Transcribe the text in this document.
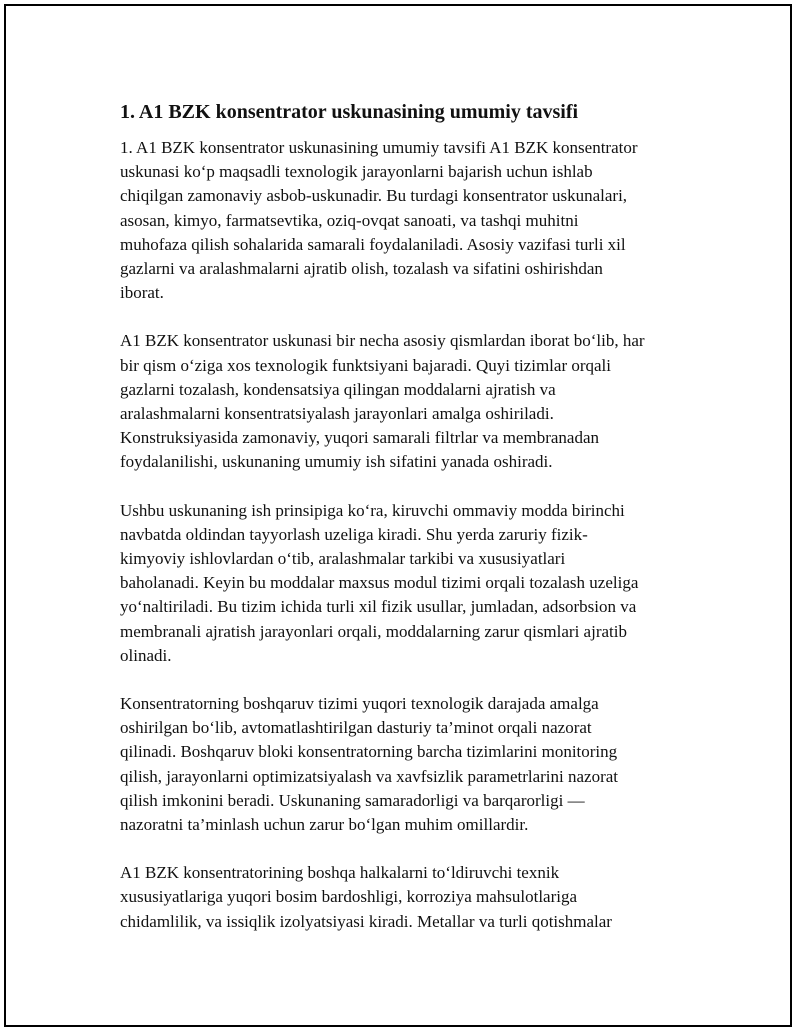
1. A1 BZK konsentrator uskunasining umumiy tavsifi

1. A1 BZK konsentrator uskunasining umumiy tavsifi A1 BZK konsentrator
uskunasi ko‘p maqsadli texnologik jarayonlarni bajarish uchun ishlab
chiqilgan zamonaviy asbob-uskunadir. Bu turdagi konsentrator uskunalari,
asosan, kimyo, farmatsevtika, oziq-ovqat sanoati, va tashqi muhitni
muhofaza qilish sohalarida samarali foydalaniladi. Asosiy vazifasi turli xil
gazlarni va aralashmalarni ajratib olish, tozalash va sifatini oshirishdan
iborat.

A1 BZK konsentrator uskunasi bir necha asosiy qismlardan iborat bo‘lib, har
bir qism o‘ziga xos texnologik funktsiyani bajaradi. Quyi tizimlar orqali
gazlarni tozalash, kondensatsiya qilingan moddalarni ajratish va
aralashmalarni konsentratsiyalash jarayonlari amalga oshiriladi.
Konstruksiyasida zamonaviy, yuqori samarali filtrlar va membranadan
foydalanilishi, uskunaning umumiy ish sifatini yanada oshiradi.

Ushbu uskunaning ish prinsipiga ko‘ra, kiruvchi ommaviy modda birinchi
navbatda oldindan tayyorlash uzeliga kiradi. Shu yerda zaruriy fizik-
kimyoviy ishlovlardan o‘tib, aralashmalar tarkibi va xususiyatlari
baholanadi. Keyin bu moddalar maxsus modul tizimi orqali tozalash uzeliga
yo‘naltiriladi. Bu tizim ichida turli xil fizik usullar, jumladan, adsorbsion va
membranali ajratish jarayonlari orqali, moddalarning zarur qismlari ajratib
olinadi.

Konsentratorning boshqaruv tizimi yuqori texnologik darajada amalga
oshirilgan bo‘lib, avtomatlashtirilgan dasturiy ta’minot orqali nazorat
qilinadi. Boshqaruv bloki konsentratorning barcha tizimlarini monitoring
qilish, jarayonlarni optimizatsiyalash va xavfsizlik parametrlarini nazorat
qilish imkonini beradi. Uskunaning samaradorligi va barqarorligi —
nazoratni ta’minlash uchun zarur bo‘lgan muhim omillardir.

A1 BZK konsentratorining boshqa halkalarni to‘ldiruvchi texnik
xususiyatlariga yuqori bosim bardoshligi, korroziya mahsulotlariga
chidamlilik, va issiqlik izolyatsiyasi kiradi. Metallar va turli qotishmalar
